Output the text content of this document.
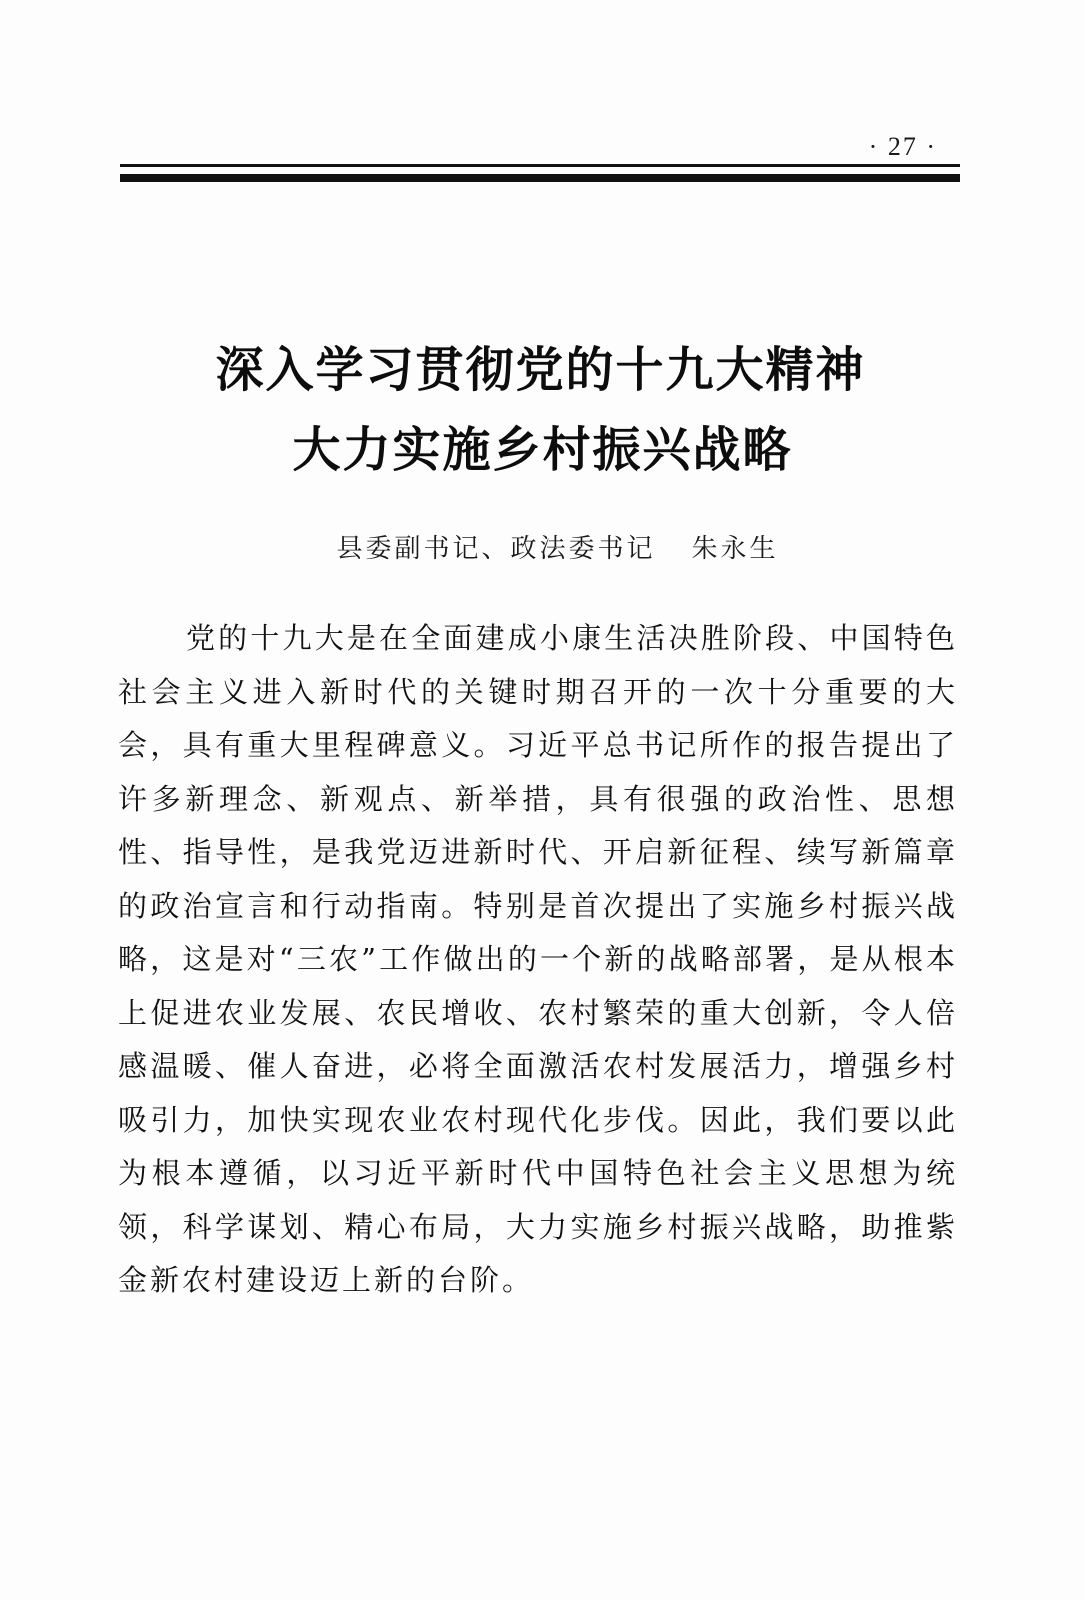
· 27 ·
深入学习贯彻党的十九大精神
大力实施乡村振兴战略
县委副书记、政法委书记 朱永生

党的十九大是在全面建成小康生活决胜阶段、中国特色社会主义进入新时代的关键时期召开的一次十分重要的大会，具有重大里程碑意义。习近平总书记所作的报告提出了许多新理念、新观点、新举措，具有很强的政治性、思想性、指导性，是我党迈进新时代、开启新征程、续写新篇章的政治宣言和行动指南。特别是首次提出了实施乡村振兴战略，这是对“三农”工作做出的一个新的战略部署，是从根本上促进农业发展、农民增收、农村繁荣的重大创新，令人倍感温暖、催人奋进，必将全面激活农村发展活力，增强乡村吸引力，加快实现农业农村现代化步伐。因此，我们要以此为根本遵循，以习近平新时代中国特色社会主义思想为统领，科学谋划、精心布局，大力实施乡村振兴战略，助推紫金新农村建设迈上新的台阶。
